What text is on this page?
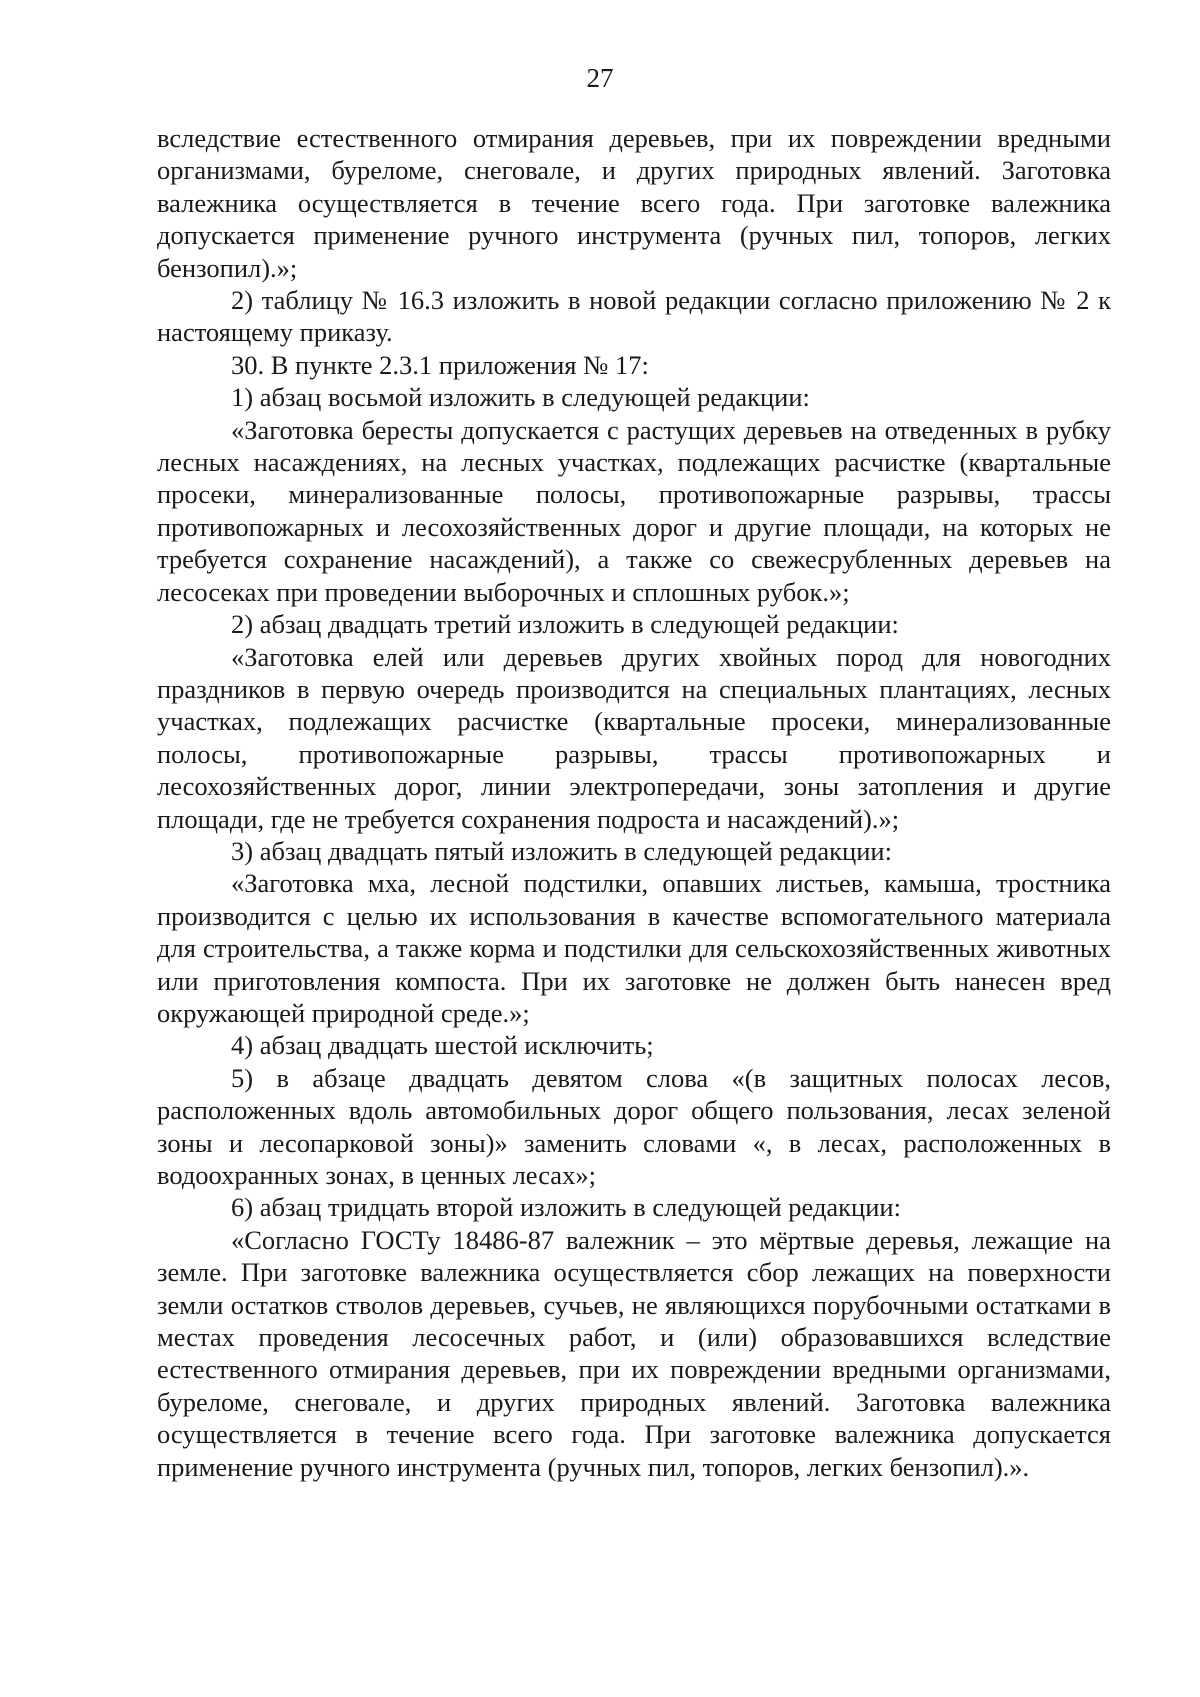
27

вследствие естественного отмирания деревьев, при их повреждении вредными организмами, буреломе, снеговале, и других природных явлений. Заготовка валежника осуществляется в течение всего года. При заготовке валежника допускается применение ручного инструмента (ручных пил, топоров, легких бензопил).»;

2) таблицу № 16.3 изложить в новой редакции согласно приложению № 2 к настоящему приказу.

30. В пункте 2.3.1 приложения № 17:

1) абзац восьмой изложить в следующей редакции:

«Заготовка бересты допускается с растущих деревьев на отведенных в рубку лесных насаждениях, на лесных участках, подлежащих расчистке (квартальные просеки, минерализованные полосы, противопожарные разрывы, трассы противопожарных и лесохозяйственных дорог и другие площади, на которых не требуется сохранение насаждений), а также со свежесрубленных деревьев на лесосеках при проведении выборочных и сплошных рубок.»;

2) абзац двадцать третий изложить в следующей редакции:

«Заготовка елей или деревьев других хвойных пород для новогодних праздников в первую очередь производится на специальных плантациях, лесных участках, подлежащих расчистке (квартальные просеки, минерализованные полосы, противопожарные разрывы, трассы противопожарных и лесохозяйственных дорог, линии электропередачи, зоны затопления и другие площади, где не требуется сохранения подроста и насаждений).»;

3) абзац двадцать пятый изложить в следующей редакции:

«Заготовка мха, лесной подстилки, опавших листьев, камыша, тростника производится с целью их использования в качестве вспомогательного материала для строительства, а также корма и подстилки для сельскохозяйственных животных или приготовления компоста. При их заготовке не должен быть нанесен вред окружающей природной среде.»;

4) абзац двадцать шестой исключить;

5) в абзаце двадцать девятом слова «(в защитных полосах лесов, расположенных вдоль автомобильных дорог общего пользования, лесах зеленой зоны и лесопарковой зоны)» заменить словами «, в лесах, расположенных в водоохранных зонах, в ценных лесах»;

6) абзац тридцать второй изложить в следующей редакции:

«Согласно ГОСТу 18486-87 валежник – это мёртвые деревья, лежащие на земле. При заготовке валежника осуществляется сбор лежащих на поверхности земли остатков стволов деревьев, сучьев, не являющихся порубочными остатками в местах проведения лесосечных работ, и (или) образовавшихся вследствие естественного отмирания деревьев, при их повреждении вредными организмами, буреломе, снеговале, и других природных явлений. Заготовка валежника осуществляется в течение всего года. При заготовке валежника допускается применение ручного инструмента (ручных пил, топоров, легких бензопил).».
